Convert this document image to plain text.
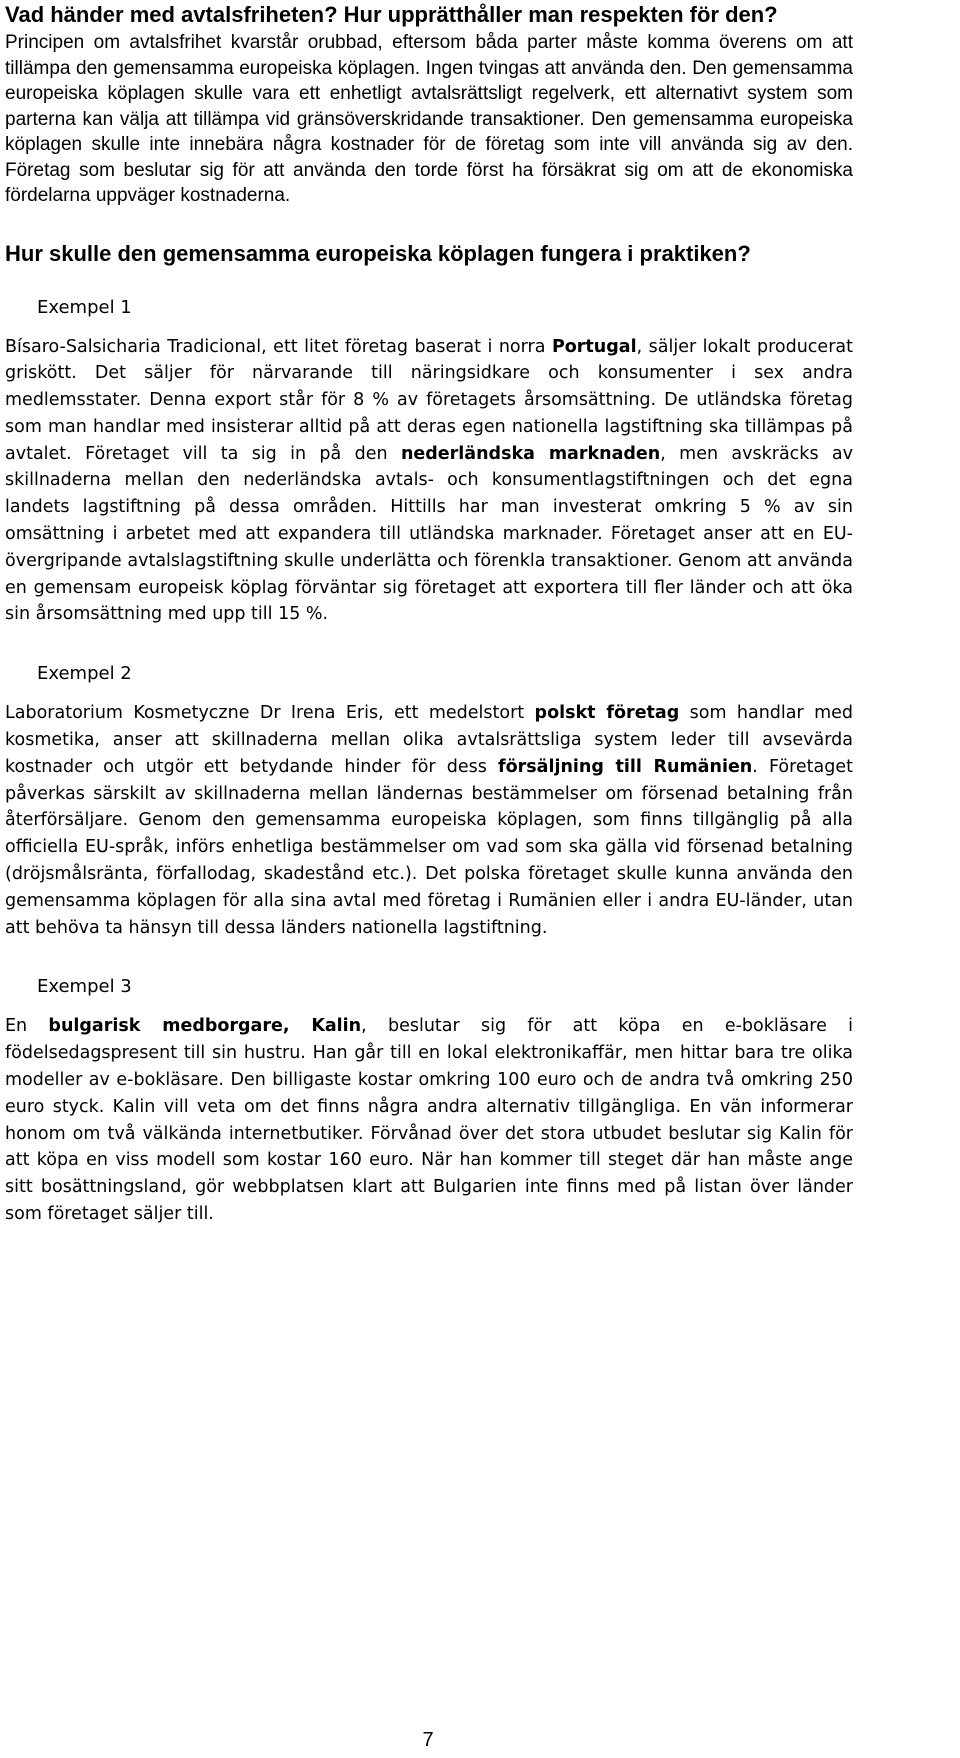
Vad händer med avtalsfriheten? Hur upprätthåller man respekten för den?

Principen om avtalsfrihet kvarstår orubbad, eftersom båda parter måste komma överens om att tillämpa den gemensamma europeiska köplagen. Ingen tvingas att använda den. Den gemensamma europeiska köplagen skulle vara ett enhetligt avtalsrättsligt regelverk, ett alternativt system som parterna kan välja att tillämpa vid gränsöverskridande transaktioner. Den gemensamma europeiska köplagen skulle inte innebära några kostnader för de företag som inte vill använda sig av den. Företag som beslutar sig för att använda den torde först ha försäkrat sig om att de ekonomiska fördelarna uppväger kostnaderna.

Hur skulle den gemensamma europeiska köplagen fungera i praktiken?
Exempel 1

Bísaro-Salsicharia Tradicional, ett litet företag baserat i norra Portugal, säljer lokalt producerat griskött. Det säljer för närvarande till näringsidkare och konsumenter i sex andra medlemsstater. Denna export står för 8 % av företagets årsomsättning. De utländska företag som man handlar med insisterar alltid på att deras egen nationella lagstiftning ska tillämpas på avtalet. Företaget vill ta sig in på den nederländska marknaden, men avskräcks av skillnaderna mellan den nederländska avtals- och konsumentlagstiftningen och det egna landets lagstiftning på dessa områden. Hittills har man investerat omkring 5 % av sin omsättning i arbetet med att expandera till utländska marknader. Företaget anser att en EU-övergripande avtalslagstiftning skulle underlätta och förenkla transaktioner. Genom att använda en gemensam europeisk köplag förväntar sig företaget att exportera till fler länder och att öka sin årsomsättning med upp till 15 %.

Exempel 2

Laboratorium Kosmetyczne Dr Irena Eris, ett medelstort polskt företag som handlar med kosmetika, anser att skillnaderna mellan olika avtalsrättsliga system leder till avsevärda kostnader och utgör ett betydande hinder för dess försäljning till Rumänien. Företaget påverkas särskilt av skillnaderna mellan ländernas bestämmelser om försenad betalning från återförsäljare. Genom den gemensamma europeiska köplagen, som finns tillgänglig på alla officiella EU-språk, införs enhetliga bestämmelser om vad som ska gälla vid försenad betalning (dröjsmålsränta, förfallodag, skadestånd etc.). Det polska företaget skulle kunna använda den gemensamma köplagen för alla sina avtal med företag i Rumänien eller i andra EU-länder, utan att behöva ta hänsyn till dessa länders nationella lagstiftning.

Exempel 3

En bulgarisk medborgare, Kalin, beslutar sig för att köpa en e-bokläsare i födelsedagspresent till sin hustru. Han går till en lokal elektronikaffär, men hittar bara tre olika modeller av e-bokläsare. Den billigaste kostar omkring 100 euro och de andra två omkring 250 euro styck. Kalin vill veta om det finns några andra alternativ tillgängliga. En vän informerar honom om två välkända internetbutiker. Förvånad över det stora utbudet beslutar sig Kalin för att köpa en viss modell som kostar 160 euro. När han kommer till steget där han måste ange sitt bosättningsland, gör webbplatsen klart att Bulgarien inte finns med på listan över länder som företaget säljer till.

7
